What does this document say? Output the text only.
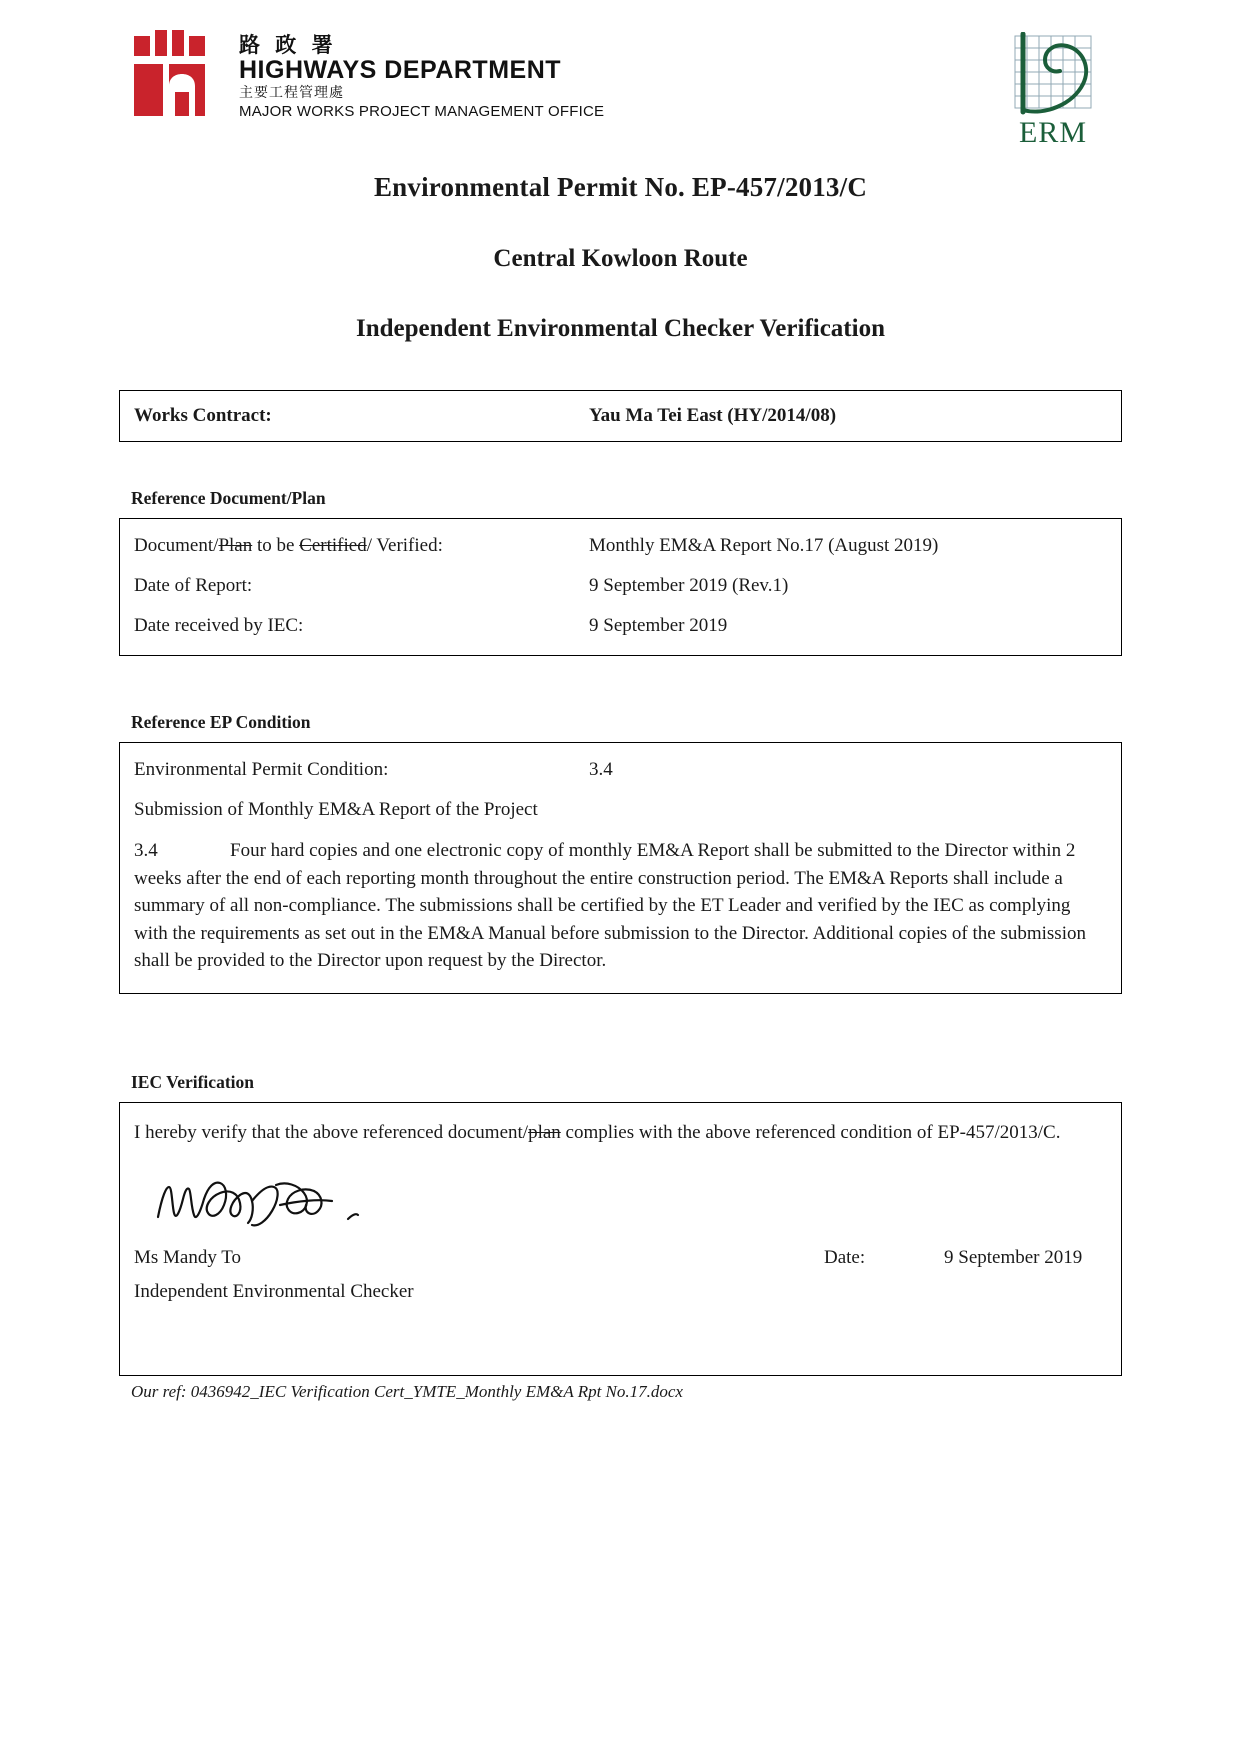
路 政 署
HIGHWAYS DEPARTMENT
主要工程管理處
MAJOR WORKS PROJECT MANAGEMENT OFFICE
ERM
Environmental Permit No. EP-457/2013/C
Central Kowloon Route
Independent Environmental Checker Verification
Works Contract:	Yau Ma Tei East (HY/2014/08)
Reference Document/Plan
Document/Plan to be Certified/ Verified:	Monthly EM&A Report No.17 (August 2019)
Date of Report:	9 September 2019 (Rev.1)
Date received by IEC:	9 September 2019
Reference EP Condition
Environmental Permit Condition:	3.4
Submission of Monthly EM&A Report of the Project
3.4	Four hard copies and one electronic copy of monthly EM&A Report shall be submitted to the Director within 2 weeks after the end of each reporting month throughout the entire construction period. The EM&A Reports shall include a summary of all non-compliance. The submissions shall be certified by the ET Leader and verified by the IEC as complying with the requirements as set out in the EM&A Manual before submission to the Director. Additional copies of the submission shall be provided to the Director upon request by the Director.
IEC Verification
I hereby verify that the above referenced document/plan complies with the above referenced condition of EP-457/2013/C.
Ms Mandy To	Date:	9 September 2019
Independent Environmental Checker
Our ref: 0436942_IEC Verification Cert_YMTE_Monthly EM&A Rpt No.17.docx
